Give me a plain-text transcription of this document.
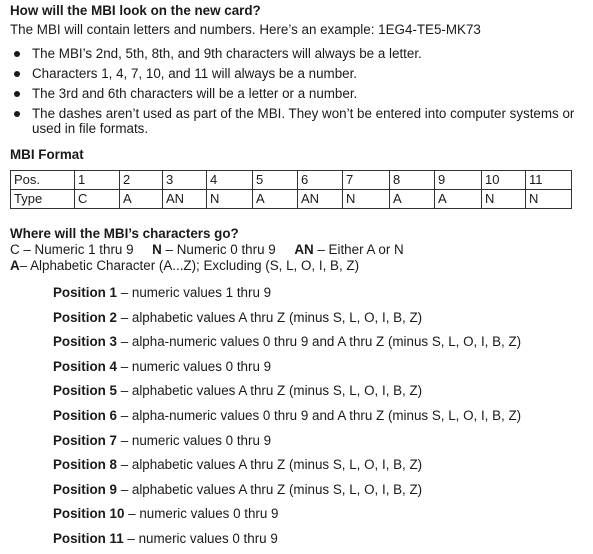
How will the MBI look on the new card?
The MBI will contain letters and numbers. Here’s an example: 1EG4-TE5-MK73
The MBI’s 2nd, 5th, 8th, and 9th characters will always be a letter.
Characters 1, 4, 7, 10, and 11 will always be a number.
The 3rd and 6th characters will be a letter or a number.
The dashes aren’t used as part of the MBI. They won’t be entered into computer systems or used in file formats.
MBI Format
Pos.	1	2	3	4	5	6	7	8	9	10	11
Type	C	A	AN	N	A	AN	N	A	A	N	N
Where will the MBI’s characters go?
C – Numeric 1 thru 9 N – Numeric 0 thru 9 AN – Either A or N
A– Alphabetic Character (A...Z); Excluding (S, L, O, I, B, Z)
Position 1 – numeric values 1 thru 9
Position 2 – alphabetic values A thru Z (minus S, L, O, I, B, Z)
Position 3 – alpha-numeric values 0 thru 9 and A thru Z (minus S, L, O, I, B, Z)
Position 4 – numeric values 0 thru 9
Position 5 – alphabetic values A thru Z (minus S, L, O, I, B, Z)
Position 6 – alpha-numeric values 0 thru 9 and A thru Z (minus S, L, O, I, B, Z)
Position 7 – numeric values 0 thru 9
Position 8 – alphabetic values A thru Z (minus S, L, O, I, B, Z)
Position 9 – alphabetic values A thru Z (minus S, L, O, I, B, Z)
Position 10 – numeric values 0 thru 9
Position 11 – numeric values 0 thru 9
